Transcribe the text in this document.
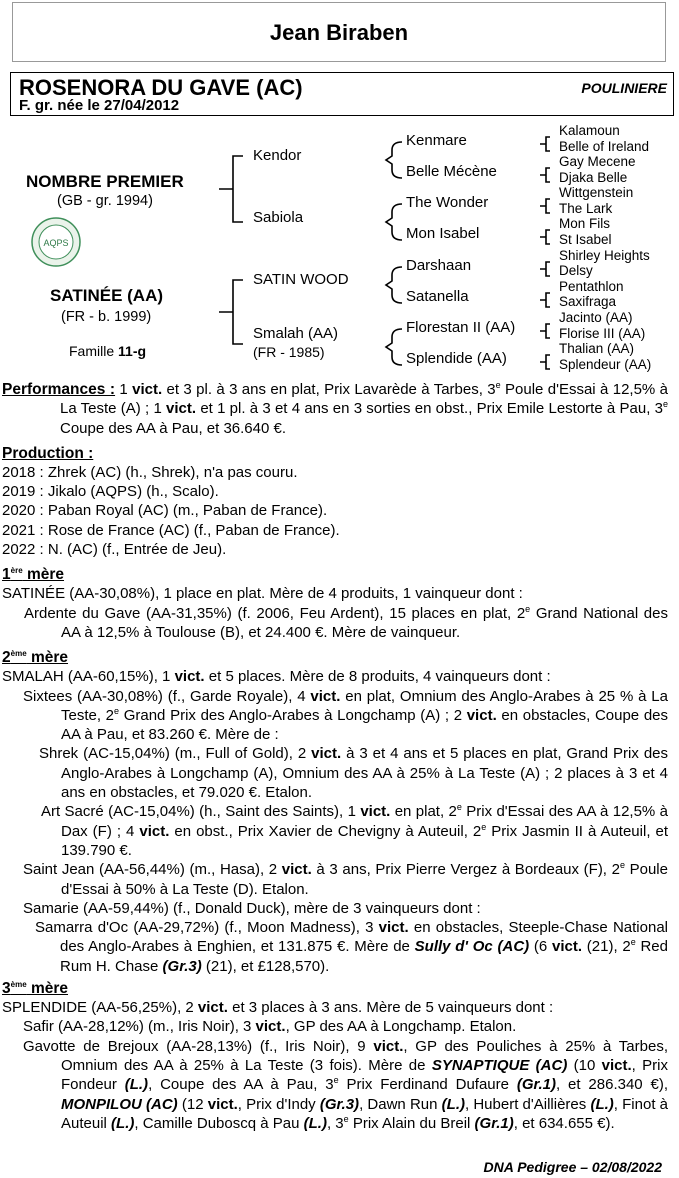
Jean Biraben
ROSENORA DU GAVE (AC)
F. gr. née le 27/04/2012
POULINIERE
NOMBRE PREMIER
(GB - gr. 1994)
AQPS
SATINÉE (AA)
(FR - b. 1999)
Famille 11-g
Kendor
Sabiola
SATIN WOOD
Smalah (AA)
(FR - 1985)
Kenmare
Belle Mécène
The Wonder
Mon Isabel
Darshaan
Satanella
Florestan II (AA)
Splendide (AA)
Kalamoun
Belle of Ireland
Gay Mecene
Djaka Belle
Wittgenstein
The Lark
Mon Fils
St Isabel
Shirley Heights
Delsy
Pentathlon
Saxifraga
Jacinto (AA)
Florise III (AA)
Thalian (AA)
Splendeur (AA)

Performances : 1 vict. et 3 pl. à 3 ans en plat, Prix Lavarède à Tarbes, 3e Poule d'Essai à 12,5% à La Teste (A) ; 1 vict. et 1 pl. à 3 et 4 ans en 3 sorties en obst., Prix Emile Lestorte à Pau, 3e Coupe des AA à Pau, et 36.640 €.

Production :
2018 : Zhrek (AC) (h., Shrek), n'a pas couru.
2019 : Jikalo (AQPS) (h., Scalo).
2020 : Paban Royal (AC) (m., Paban de France).
2021 : Rose de France (AC) (f., Paban de France).
2022 : N. (AC) (f., Entrée de Jeu).
1ère mère

SATINÉE (AA-30,08%), 1 place en plat. Mère de 4 produits, 1 vainqueur dont :

Ardente du Gave (AA-31,35%) (f. 2006, Feu Ardent), 15 places en plat, 2e Grand National des AA à 12,5% à Toulouse (B), et 24.400 €. Mère de vainqueur.

2ème mère

SMALAH (AA-60,15%), 1 vict. et 5 places. Mère de 8 produits, 4 vainqueurs dont :

Sixtees (AA-30,08%) (f., Garde Royale), 4 vict. en plat, Omnium des Anglo-Arabes à 25 % à La Teste, 2e Grand Prix des Anglo-Arabes à Longchamp (A) ; 2 vict. en obstacles, Coupe des AA à Pau, et 83.260 €. Mère de :

Shrek (AC-15,04%) (m., Full of Gold), 2 vict. à 3 et 4 ans et 5 places en plat, Grand Prix des Anglo-Arabes à Longchamp (A), Omnium des AA à 25% à La Teste (A) ; 2 places à 3 et 4 ans en obstacles, et 79.020 €. Etalon.

Art Sacré (AC-15,04%) (h., Saint des Saints), 1 vict. en plat, 2e Prix d'Essai des AA à 12,5% à Dax (F) ; 4 vict. en obst., Prix Xavier de Chevigny à Auteuil, 2e Prix Jasmin II à Auteuil, et 139.790 €.

Saint Jean (AA-56,44%) (m., Hasa), 2 vict. à 3 ans, Prix Pierre Vergez à Bordeaux (F), 2e Poule d'Essai à 50% à La Teste (D). Etalon.

Samarie (AA-59,44%) (f., Donald Duck), mère de 3 vainqueurs dont :

Samarra d'Oc (AA-29,72%) (f., Moon Madness), 3 vict. en obstacles, Steeple-Chase National des Anglo-Arabes à Enghien, et 131.875 €. Mère de Sully d' Oc (AC) (6 vict. (21), 2e Red Rum H. Chase (Gr.3) (21), et £128,570).

3ème mère

SPLENDIDE (AA-56,25%), 2 vict. et 3 places à 3 ans. Mère de 5 vainqueurs dont :

Safir (AA-28,12%) (m., Iris Noir), 3 vict., GP des AA à Longchamp. Etalon.

Gavotte de Brejoux (AA-28,13%) (f., Iris Noir), 9 vict., GP des Pouliches à 25% à Tarbes, Omnium des AA à 25% à La Teste (3 fois). Mère de SYNAPTIQUE (AC) (10 vict., Prix Fondeur (L.), Coupe des AA à Pau, 3e Prix Ferdinand Dufaure (Gr.1), et 286.340 €), MONPILOU (AC) (12 vict., Prix d'Indy (Gr.3), Dawn Run (L.), Hubert d'Aillières (L.), Finot à Auteuil (L.), Camille Duboscq à Pau (L.), 3e Prix Alain du Breil (Gr.1), et 634.655 €).

DNA Pedigree – 02/08/2022
